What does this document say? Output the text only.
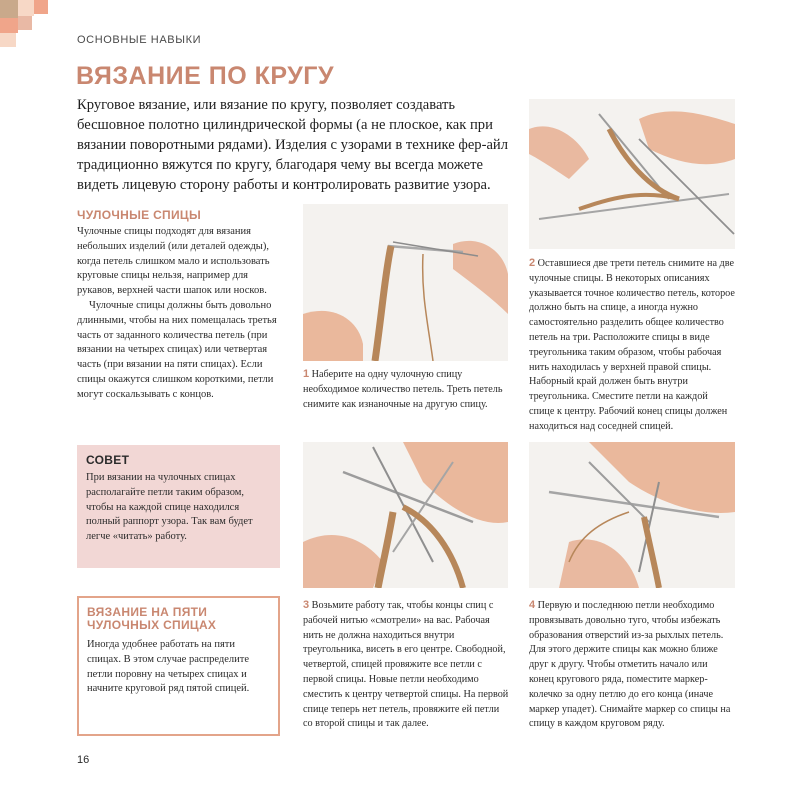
ОСНОВНЫЕ НАВЫКИ
ВЯЗАНИЕ ПО КРУГУ
Круговое вязание, или вязание по кругу, позволяет создавать бесшовное полотно цилиндрической формы (а не плоское, как при вязании поворотными рядами). Изделия с узорами в технике фер-айл традиционно вяжутся по кругу, благодаря чему вы всегда можете видеть лицевую сторону работы и контролировать развитие узора.
ЧУЛОЧНЫЕ СПИЦЫ
Чулочные спицы подходят для вязания небольших изделий (или деталей одежды), когда петель слишком мало и использовать круговые спицы нельзя, например для рукавов, верхней части шапок или носков.
Чулочные спицы должны быть довольно длинными, чтобы на них помещалась третья часть от заданного количества петель (при вязании на четырех спицах) или четвертая часть (при вязании на пяти спицах). Если спицы окажутся слишком короткими, петли могут соскальзывать с концов.
СОВЕТ
При вязании на чулочных спицах располагайте петли таким образом, чтобы на каждой спице находился полный раппорт узора. Так вам будет легче «читать» работу.
ВЯЗАНИЕ НА ПЯТИ
ЧУЛОЧНЫХ СПИЦАХ
Иногда удобнее работать на пяти спицах. В этом случае распределите петли поровну на четырех спицах и начните круговой ряд пятой спицей.
1 Наберите на одну чулочную спицу необходимое количество петель. Треть петель снимите как изнаночные на другую спицу.
2 Оставшиеся две трети петель снимите на две чулочные спицы. В некоторых описаниях указывается точное количество петель, которое должно быть на спице, а иногда нужно самостоятельно разделить общее количество петель на три. Расположите спицы в виде треугольника таким образом, чтобы рабочая нить находилась у верхней правой спицы. Наборный край должен быть внутри треугольника. Сместите петли на каждой спице к центру. Рабочий конец спицы должен находиться над соседней спицей.
3 Возьмите работу так, чтобы концы спиц с рабочей нитью «смотрели» на вас. Рабочая нить не должна находиться внутри треугольника, висеть в его центре. Свободной, четвертой, спицей провяжите все петли с первой спицы. Новые петли необходимо сместить к центру четвертой спицы. На первой спице теперь нет петель, провяжите ей петли со второй спицы и так далее.
4 Первую и последнюю петли необходимо провязывать довольно туго, чтобы избежать образования отверстий из-за рыхлых петель. Для этого держите спицы как можно ближе друг к другу. Чтобы отметить начало или конец кругового ряда, поместите маркер-колечко за одну петлю до его конца (иначе маркер упадет). Снимайте маркер со спицы на спицу в каждом круговом ряду.
16
